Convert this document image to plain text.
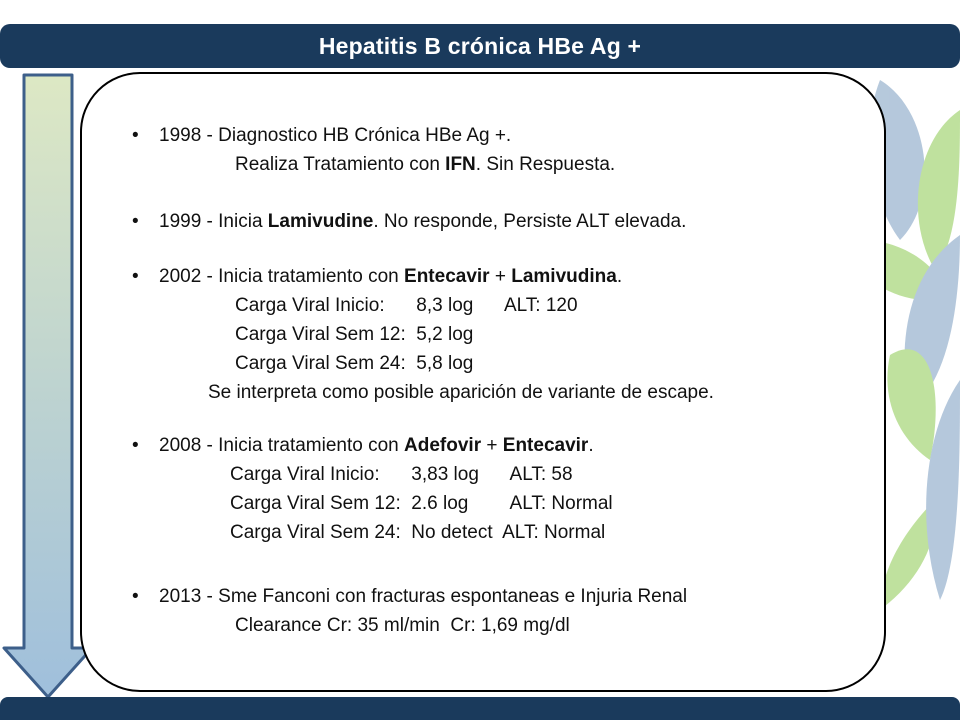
Hepatitis B crónica HBe Ag +
• 1998 - Diagnostico HB Crónica HBe Ag +.
Realiza Tratamiento con IFN. Sin Respuesta.
• 1999 - Inicia Lamivudine. No responde, Persiste ALT elevada.
• 2002 - Inicia tratamiento con Entecavir + Lamivudina.
Carga Viral Inicio:      8,3 log      ALT: 120
Carga Viral Sem 12:  5,2 log
Carga Viral Sem 24:  5,8 log
Se interpreta como posible aparición de variante de escape.
• 2008 - Inicia tratamiento con Adefovir + Entecavir.
Carga Viral Inicio:      3,83 log      ALT: 58
Carga Viral Sem 12:  2.6 log        ALT: Normal
Carga Viral Sem 24:  No detect  ALT: Normal
• 2013 - Sme Fanconi con fracturas espontaneas e Injuria Renal
Clearance Cr: 35 ml/min  Cr: 1,69 mg/dl
